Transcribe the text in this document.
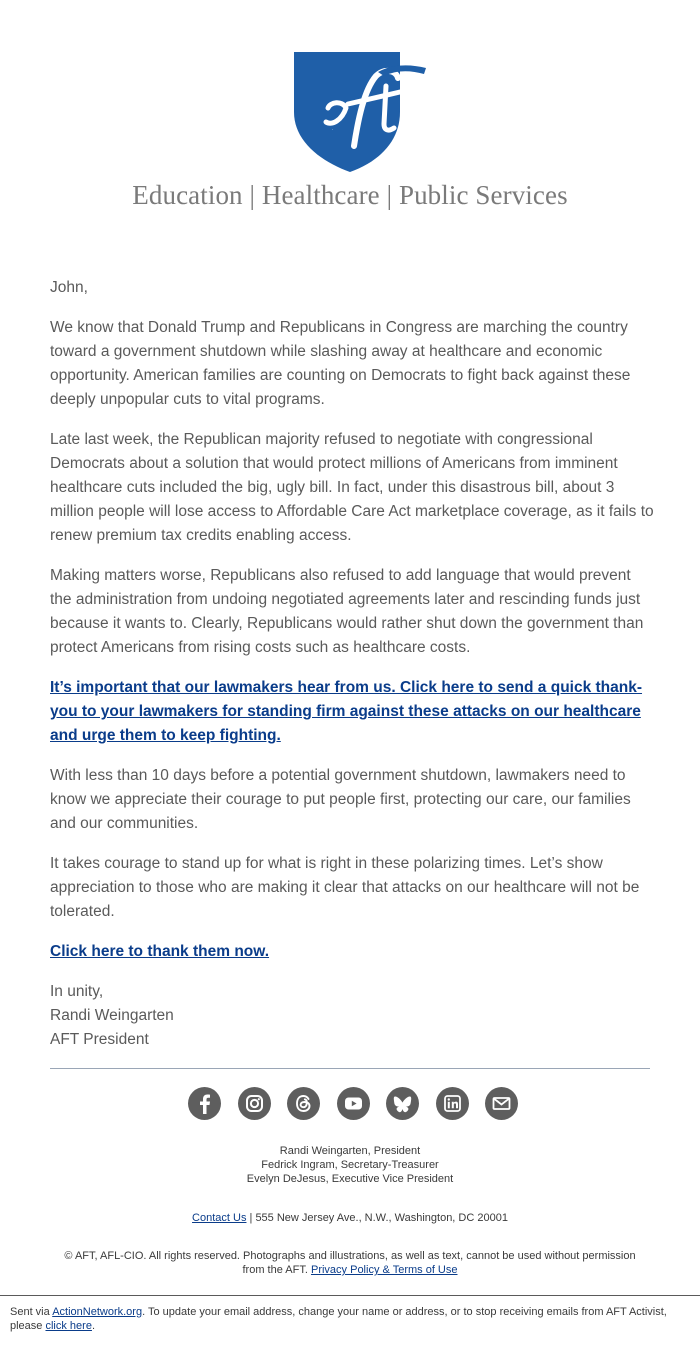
aft
Education | Healthcare | Public Services

John,

We know that Donald Trump and Republicans in Congress are marching the country toward a government shutdown while slashing away at healthcare and economic opportunity. American families are counting on Democrats to fight back against these deeply unpopular cuts to vital programs.

Late last week, the Republican majority refused to negotiate with congressional Democrats about a solution that would protect millions of Americans from imminent healthcare cuts included the big, ugly bill. In fact, under this disastrous bill, about 3 million people will lose access to Affordable Care Act marketplace coverage, as it fails to renew premium tax credits enabling access.

Making matters worse, Republicans also refused to add language that would prevent the administration from undoing negotiated agreements later and rescinding funds just because it wants to. Clearly, Republicans would rather shut down the government than protect Americans from rising costs such as healthcare costs.

It’s important that our lawmakers hear from us. Click here to send a quick thank-you to your lawmakers for standing firm against these attacks on our healthcare and urge them to keep fighting.

With less than 10 days before a potential government shutdown, lawmakers need to know we appreciate their courage to put people first, protecting our care, our families and our communities.

It takes courage to stand up for what is right in these polarizing times. Let’s show appreciation to those who are making it clear that attacks on our healthcare will not be tolerated.

Click here to thank them now.

In unity,

Randi Weingarten

AFT President

Randi Weingarten, President
Fedrick Ingram, Secretary-Treasurer
Evelyn DeJesus, Executive Vice President
Contact Us | 555 New Jersey Ave., N.W., Washington, DC 20001
© AFT, AFL-CIO. All rights reserved. Photographs and illustrations, as well as text, cannot be used without permission from the AFT. Privacy Policy & Terms of Use
Sent via ActionNetwork.org. To update your email address, change your name or address, or to stop receiving emails from AFT Activist, please click here.
